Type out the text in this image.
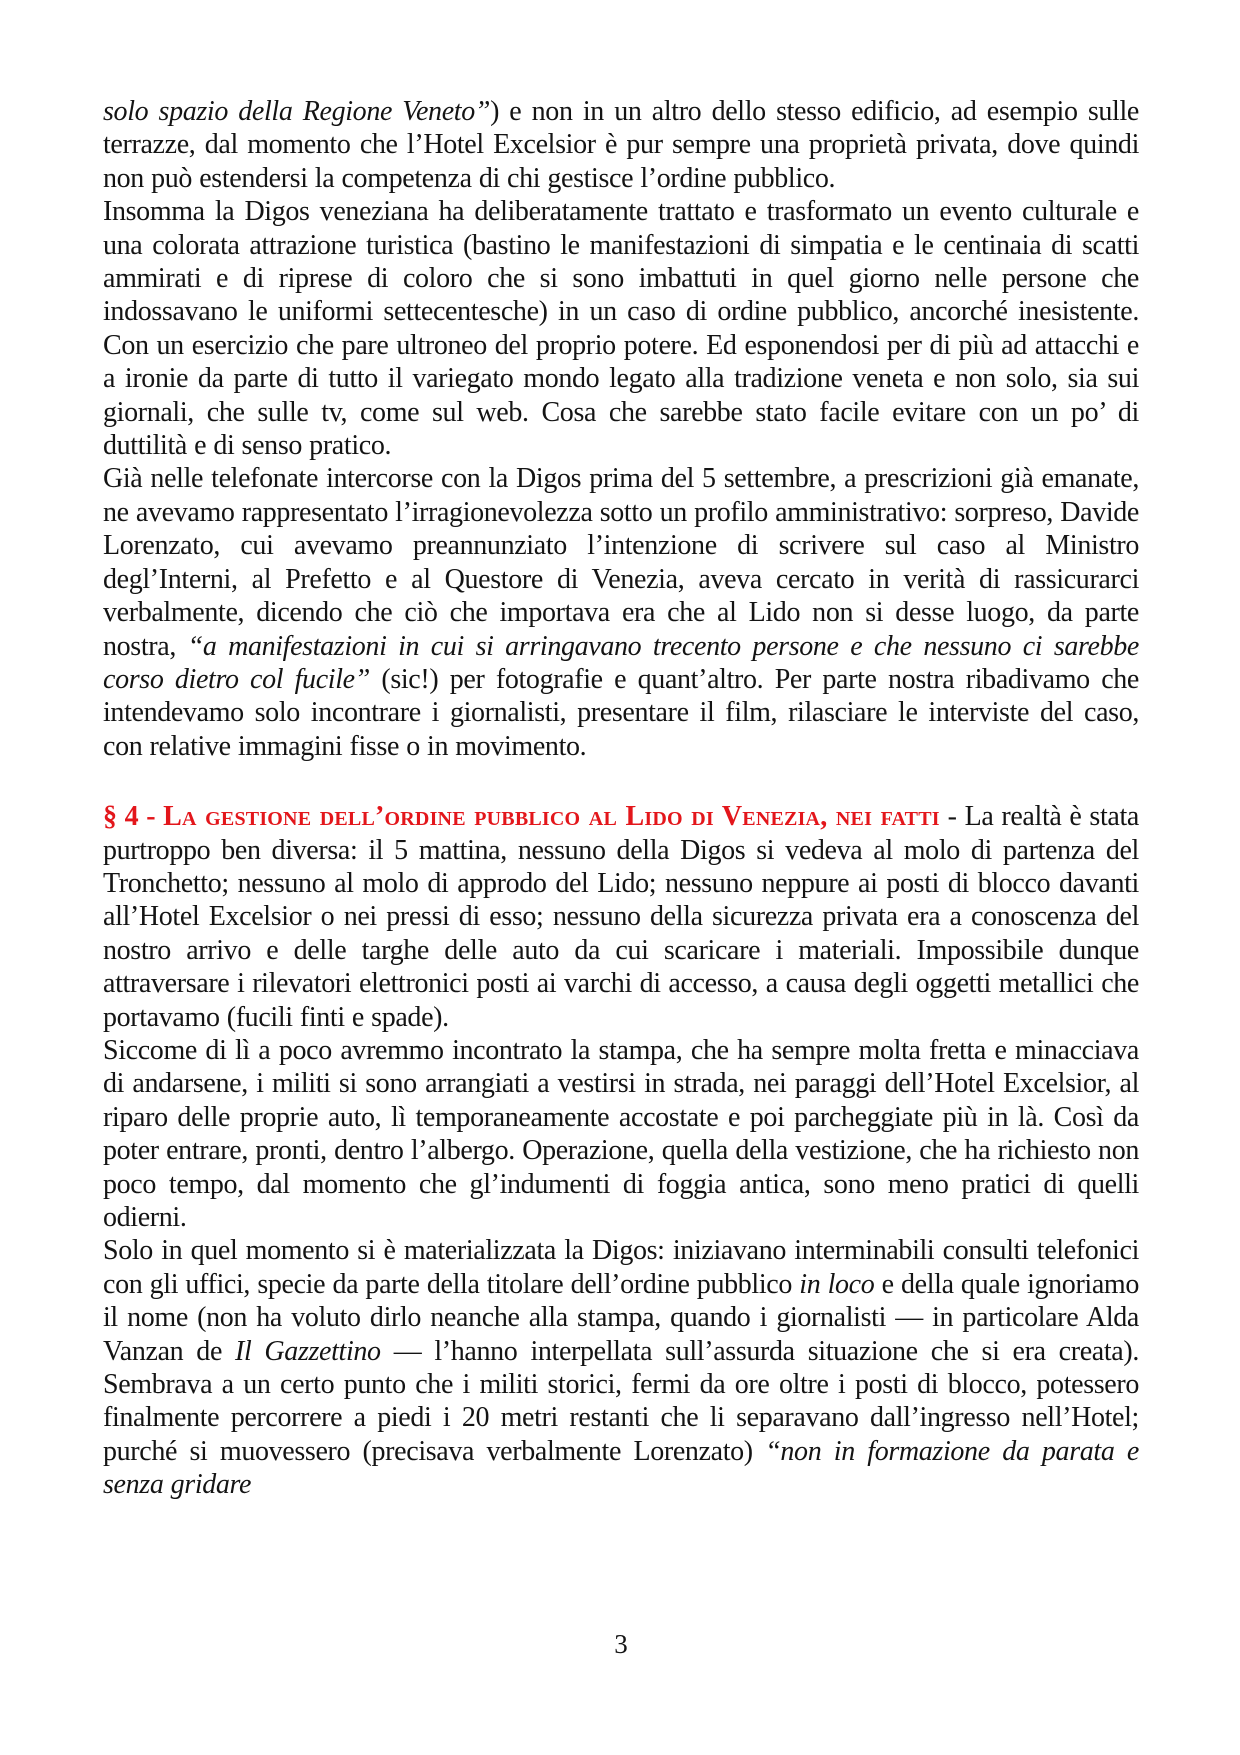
solo spazio della Regione Veneto”) e non in un altro dello stesso edificio, ad esempio sulle terrazze, dal momento che l’Hotel Excelsior è pur sempre una proprietà privata, dove quindi non può estendersi la competenza di chi gestisce l’ordine pubblico.

Insomma la Digos veneziana ha deliberatamente trattato e trasformato un evento culturale e una colorata attrazione turistica (bastino le manifestazioni di simpatia e le centinaia di scatti ammirati e di riprese di coloro che si sono imbattuti in quel giorno nelle persone che indossavano le uniformi settecentesche) in un caso di ordine pubblico, ancorché inesistente. Con un esercizio che pare ultroneo del proprio potere. Ed esponendosi per di più ad attacchi e a ironie da parte di tutto il variegato mondo legato alla tradizione veneta e non solo, sia sui giornali, che sulle tv, come sul web. Cosa che sarebbe stato facile evitare con un po’ di duttilità e di senso pratico.

Già nelle telefonate intercorse con la Digos prima del 5 settembre, a prescrizioni già emanate, ne avevamo rappresentato l’irragionevolezza sotto un profilo amministrativo: sorpreso, Davide Lorenzato, cui avevamo preannunziato l’intenzione di scrivere sul caso al Ministro degl’Interni, al Prefetto e al Questore di Venezia, aveva cercato in verità di rassicurarci verbalmente, dicendo che ciò che importava era che al Lido non si desse luogo, da parte nostra, “a manifestazioni in cui si arringavano trecento persone e che nessuno ci sarebbe corso dietro col fucile” (sic!) per fotografie e quant’altro. Per parte nostra ribadivamo che intendevamo solo incontrare i giornalisti, presentare il film, rilasciare le interviste del caso, con relative immagini fisse o in movimento.

§ 4 - La gestione dell’ordine pubblico al Lido di Venezia, nei fatti - La realtà è stata purtroppo ben diversa: il 5 mattina, nessuno della Digos si vedeva al molo di partenza del Tronchetto; nessuno al molo di approdo del Lido; nessuno neppure ai posti di blocco davanti all’Hotel Excelsior o nei pressi di esso; nessuno della sicurezza privata era a conoscenza del nostro arrivo e delle targhe delle auto da cui scaricare i materiali. Impossibile dunque attraversare i rilevatori elettronici posti ai varchi di accesso, a causa degli oggetti metallici che portavamo (fucili finti e spade).

Siccome di lì a poco avremmo incontrato la stampa, che ha sempre molta fretta e minacciava di andarsene, i militi si sono arrangiati a vestirsi in strada, nei paraggi dell’Hotel Excelsior, al riparo delle proprie auto, lì temporaneamente accostate e poi parcheggiate più in là. Così da poter entrare, pronti, dentro l’albergo. Operazione, quella della vestizione, che ha richiesto non poco tempo, dal momento che gl’indumenti di foggia antica, sono meno pratici di quelli odierni.

Solo in quel momento si è materializzata la Digos: iniziavano interminabili consulti telefonici con gli uffici, specie da parte della titolare dell’ordine pubblico in loco e della quale ignoriamo il nome (non ha voluto dirlo neanche alla stampa, quando i giornalisti — in particolare Alda Vanzan de Il Gazzettino — l’hanno interpellata sull’assurda situazione che si era creata). Sembrava a un certo punto che i militi storici, fermi da ore oltre i posti di blocco, potessero finalmente percorrere a piedi i 20 metri restanti che li separavano dall’ingresso nell’Hotel; purché si muovessero (precisava verbalmente Lorenzato) “non in formazione da parata e senza gridare

3
